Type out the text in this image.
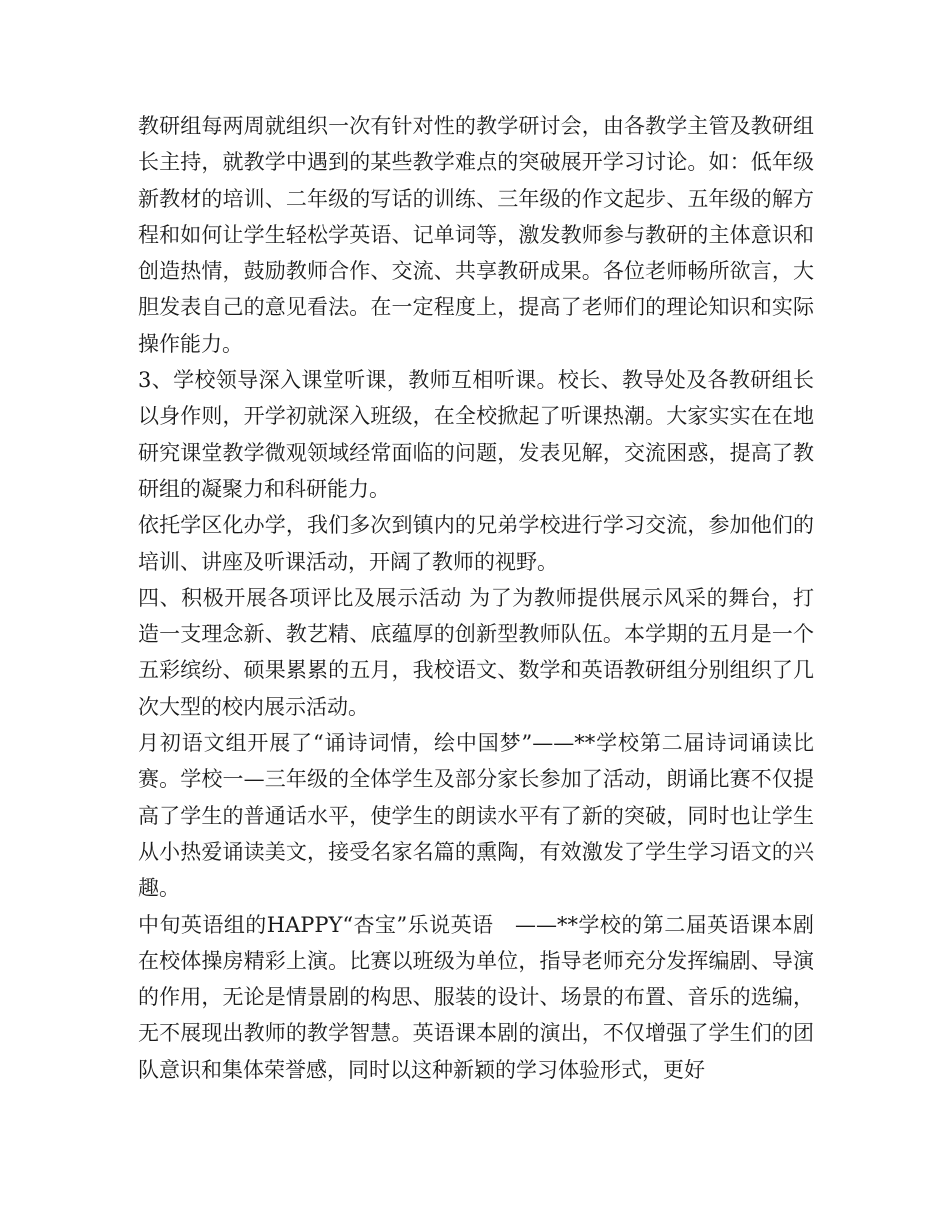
教研组每两周就组织一次有针对性的教学研讨会，由各教学主管及教研组长主持，就教学中遇到的某些教学难点的突破展开学习讨论。如：低年级新教材的培训、二年级的写话的训练、三年级的作文起步、五年级的解方程和如何让学生轻松学英语、记单词等，激发教师参与教研的主体意识和创造热情，鼓励教师合作、交流、共享教研成果。各位老师畅所欲言，大胆发表自己的意见看法。在一定程度上，提高了老师们的理论知识和实际操作能力。

3、学校领导深入课堂听课，教师互相听课。校长、教导处及各教研组长以身作则，开学初就深入班级，在全校掀起了听课热潮。大家实实在在地研究课堂教学微观领域经常面临的问题，发表见解，交流困惑，提高了教研组的凝聚力和科研能力。

依托学区化办学，我们多次到镇内的兄弟学校进行学习交流，参加他们的培训、讲座及听课活动，开阔了教师的视野。

四、积极开展各项评比及展示活动 为了为教师提供展示风采的舞台，打造一支理念新、教艺精、底蕴厚的创新型教师队伍。本学期的五月是一个五彩缤纷、硕果累累的五月，我校语文、数学和英语教研组分别组织了几次大型的校内展示活动。

月初语文组开展了“诵诗词情，绘中国梦”——**学校第二届诗词诵读比赛。学校一—三年级的全体学生及部分家长参加了活动，朗诵比赛不仅提高了学生的普通话水平，使学生的朗读水平有了新的突破，同时也让学生从小热爱诵读美文，接受名家名篇的熏陶，有效激发了学生学习语文的兴趣。

中旬英语组的HAPPY“杏宝”乐说英语　——**学校的第二届英语课本剧在校体操房精彩上演。比赛以班级为单位，指导老师充分发挥编剧、导演的作用，无论是情景剧的构思、服装的设计、场景的布置、音乐的选编，无不展现出教师的教学智慧。英语课本剧的演出，不仅增强了学生们的团队意识和集体荣誉感，同时以这种新颖的学习体验形式，更好
